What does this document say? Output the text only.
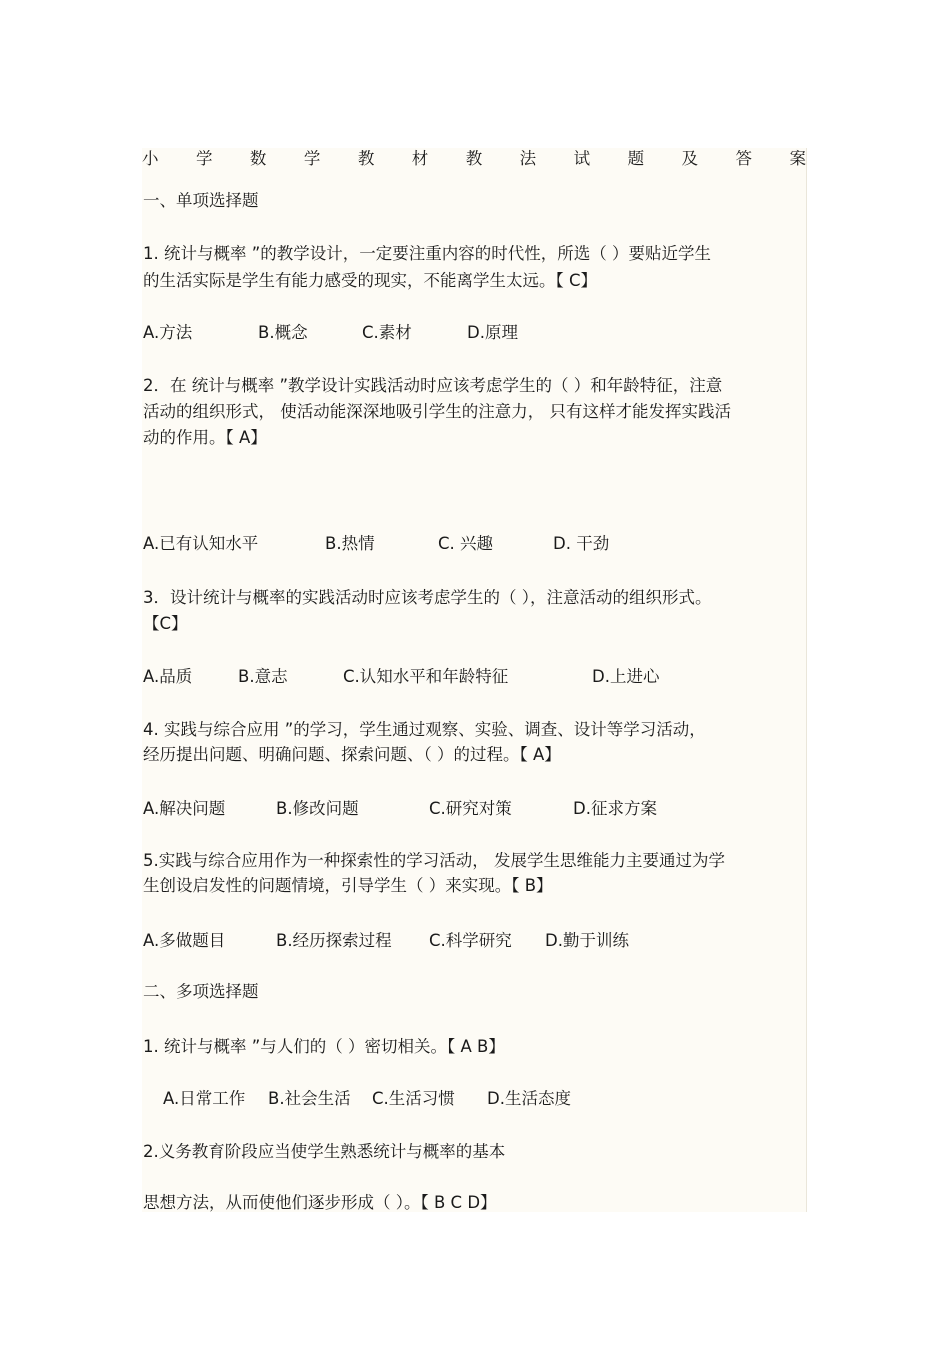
小 学 数 学 教 材 教 法 试 题 及 答 案
一、单项选择题
1. 统计与概率 ”的教学设计，一定要注重内容的时代性，所选（ ）要贴近学生
的生活实际是学生有能力感受的现实，不能离学生太远。【 C】
A.方法	B.概念	C.素材	D.原理
2．在 统计与概率 ”教学设计实践活动时应该考虑学生的（ ）和年龄特征，注意
活动的组织形式， 使活动能深深地吸引学生的注意力， 只有这样才能发挥实践活
动的作用。【 A】
A.已有认知水平	B.热情	C. 兴趣	D. 干劲
3．设计统计与概率的实践活动时应该考虑学生的（ ），注意活动的组织形式。
【C】
A.品质	B.意志	C.认知水平和年龄特征	D.上进心
4. 实践与综合应用 ”的学习，学生通过观察、实验、调查、设计等学习活动，
经历提出问题、明确问题、探索问题、（ ）的过程。【 A】
A.解决问题	B.修改问题	C.研究对策	D.征求方案
5.实践与综合应用作为一种探索性的学习活动， 发展学生思维能力主要通过为学
生创设启发性的问题情境，引导学生（ ）来实现。【 B】
A.多做题目	B.经历探索过程 C.科学研究 D.勤于训练
二、多项选择题
1. 统计与概率 ”与人们的（ ）密切相关。【 A B】
A.日常工作 B.社会生活 C.生活习惯 D.生活态度
2.义务教育阶段应当使学生熟悉统计与概率的基本
思想方法，从而使他们逐步形成（ ）。【 B C D】
